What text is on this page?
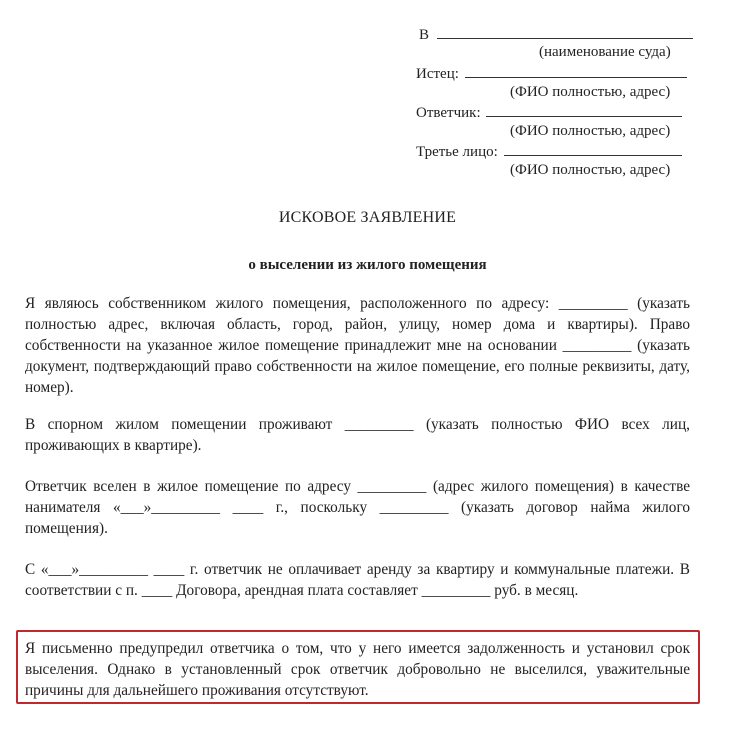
В
(наименование суда)
Истец:
(ФИО полностью, адрес)
Ответчик:
(ФИО полностью, адрес)
Третье лицо:
(ФИО полностью, адрес)
ИСКОВОЕ ЗАЯВЛЕНИЕ
о выселении из жилого помещения
Я являюсь собственником жилого помещения, расположенного по адресу: _________ (указать полностью адрес, включая область, город, район, улицу, номер дома и квартиры). Право собственности на указанное жилое помещение принадлежит мне на основании _________ (указать документ, подтверждающий право собственности на жилое помещение, его полные реквизиты, дату, номер).
В спорном жилом помещении проживают _________ (указать полностью ФИО всех лиц, проживающих в квартире).
Ответчик вселен в жилое помещение по адресу _________ (адрес жилого помещения) в качестве нанимателя «___»_________ ____ г., поскольку _________ (указать договор найма жилого помещения).
С «___»_________ ____ г. ответчик не оплачивает аренду за квартиру и коммунальные платежи. В соответствии с п. ____ Договора, арендная плата составляет _________ руб. в месяц.
Я письменно предупредил ответчика о том, что у него имеется задолженность и установил срок выселения. Однако в установленный срок ответчик добровольно не выселился, уважительные причины для дальнейшего проживания отсутствуют.
